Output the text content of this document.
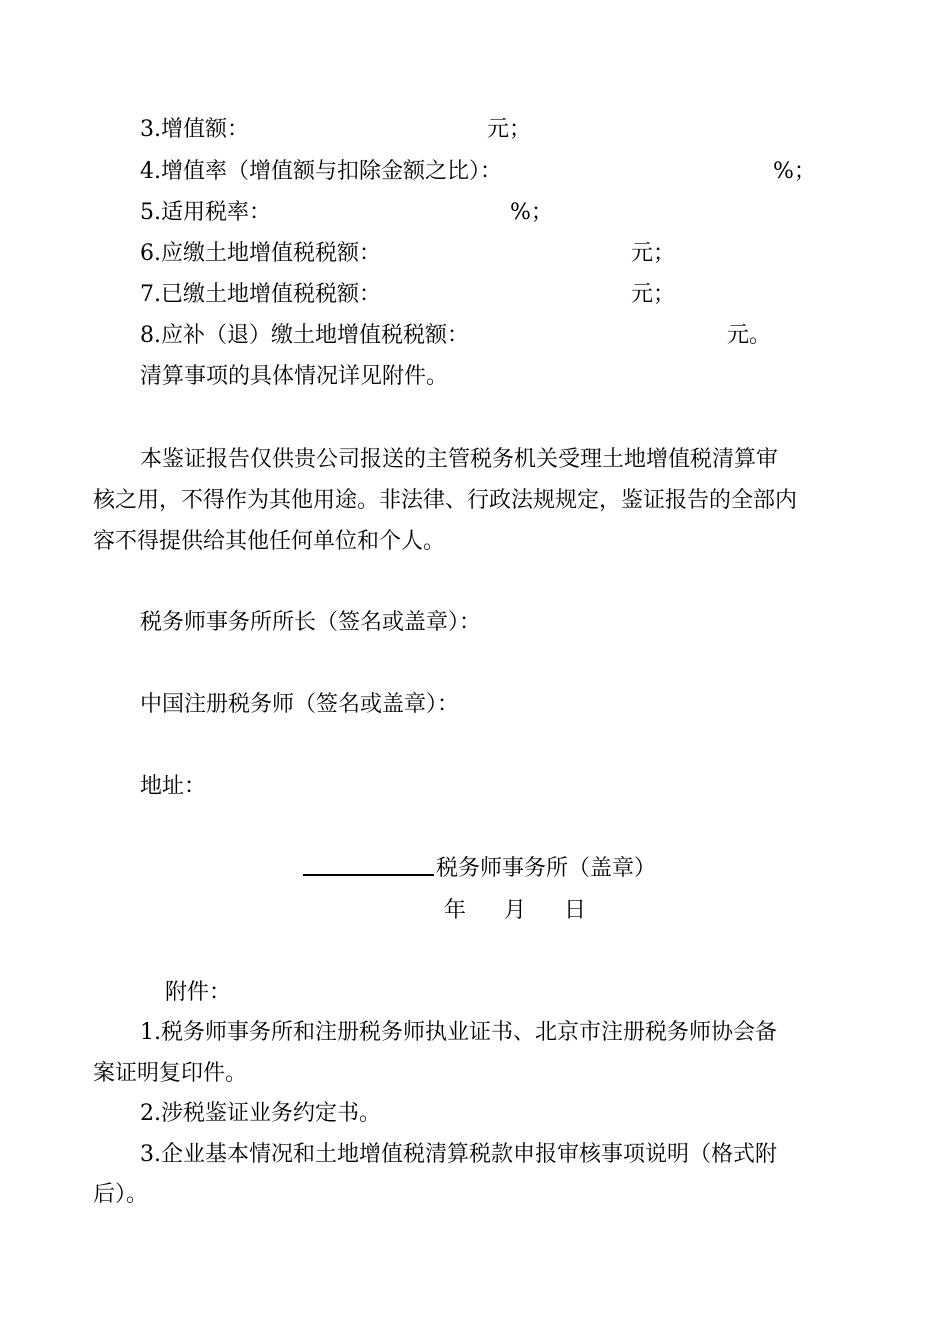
3.增值额：	元；
4.增值率（增值额与扣除金额之比）：	%；
5.适用税率：	%；
6.应缴土地增值税税额：	元；
7.已缴土地增值税税额：	元；
8.应补（退）缴土地增值税税额：	元。
清算事项的具体情况详见附件。
本鉴证报告仅供贵公司报送的主管税务机关受理土地增值税清算审
核之用，不得作为其他用途。非法律、行政法规规定，鉴证报告的全部内
容不得提供给其他任何单位和个人。
税务师事务所所长（签名或盖章）：
中国注册税务师（签名或盖章）：
地址：
税务师事务所（盖章）
年 月 日
附件：
1.税务师事务所和注册税务师执业证书、北京市注册税务师协会备
案证明复印件。
2.涉税鉴证业务约定书。
3.企业基本情况和土地增值税清算税款申报审核事项说明（格式附
后）。
